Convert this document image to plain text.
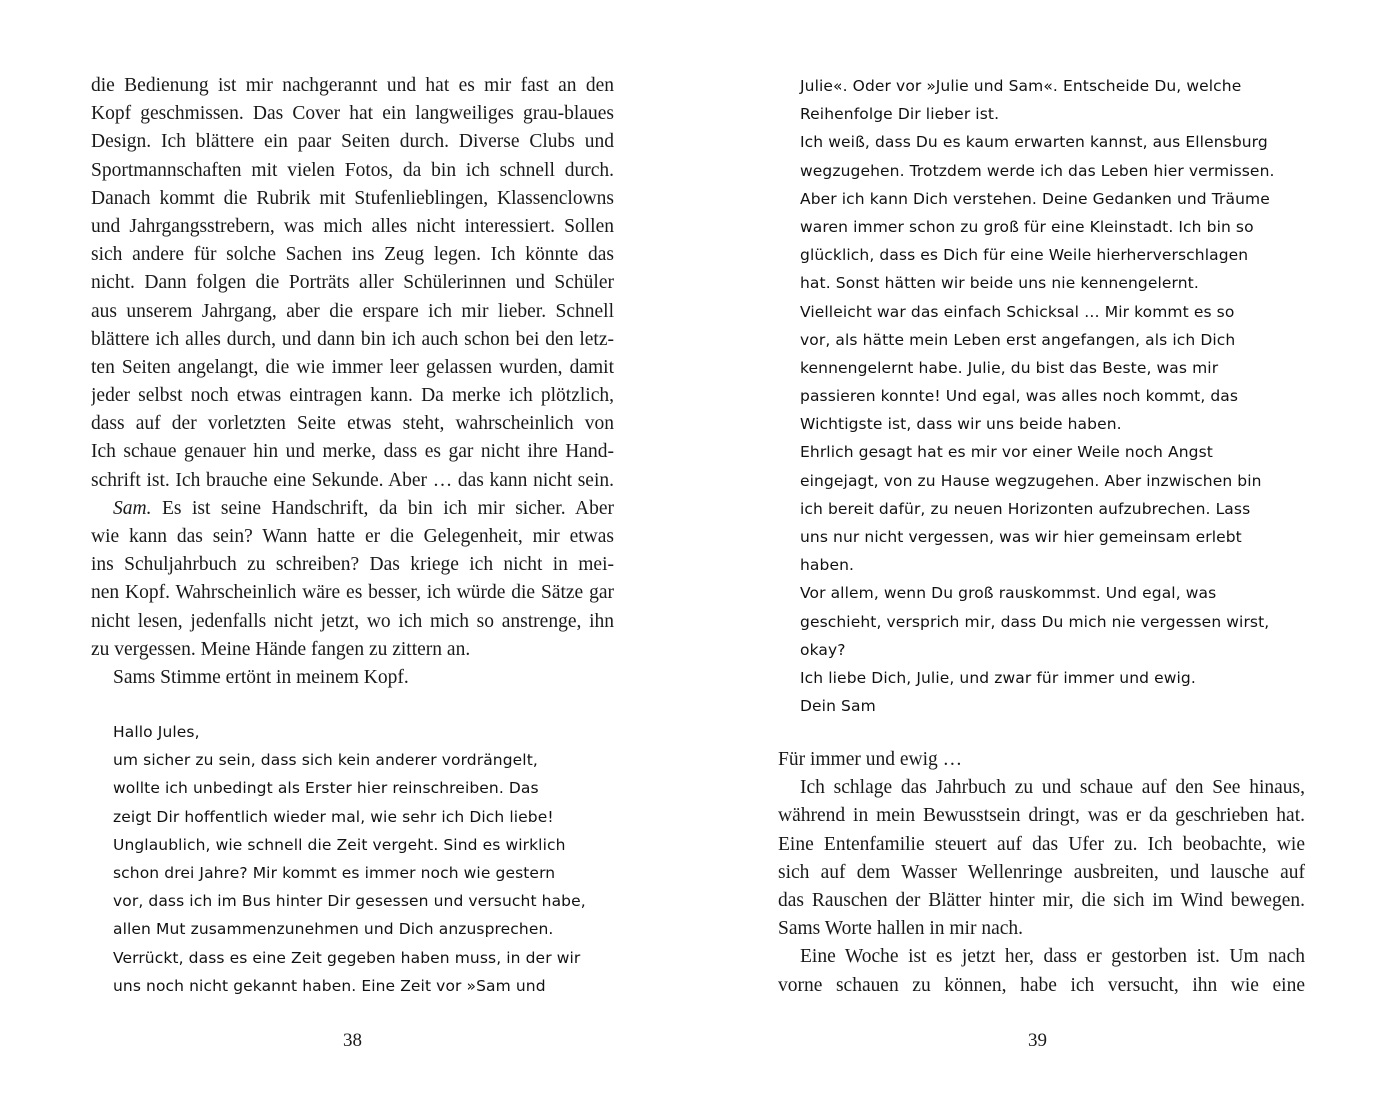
die Bedienung ist mir nachgerannt und hat es mir fast an den
Kopf geschmissen. Das Cover hat ein langweiliges grau-blaues
Design. Ich blättere ein paar Seiten durch. Diverse Clubs und
Sportmannschaften mit vielen Fotos, da bin ich schnell durch.
Danach kommt die Rubrik mit Stufenlieblingen, Klassenclowns
und Jahrgangsstrebern, was mich alles nicht interessiert. Sollen
sich andere für solche Sachen ins Zeug legen. Ich könnte das
nicht. Dann folgen die Porträts aller Schülerinnen und Schüler
aus unserem Jahrgang, aber die erspare ich mir lieber. Schnell
blättere ich alles durch, und dann bin ich auch schon bei den letz-
ten Seiten angelangt, die wie immer leer gelassen wurden, damit
jeder selbst noch etwas eintragen kann. Da merke ich plötzlich,
dass auf der vorletzten Seite etwas steht, wahrscheinlich von
Ich schaue genauer hin und merke, dass es gar nicht ihre Hand-
schrift ist. Ich brauche eine Sekunde. Aber … das kann nicht sein.
Sam. Es ist seine Handschrift, da bin ich mir sicher. Aber
wie kann das sein? Wann hatte er die Gelegenheit, mir etwas
ins Schuljahrbuch zu schreiben? Das kriege ich nicht in mei-
nen Kopf. Wahrscheinlich wäre es besser, ich würde die Sätze gar
nicht lesen, jedenfalls nicht jetzt, wo ich mich so anstrenge, ihn
zu vergessen. Meine Hände fangen zu zittern an.
Sams Stimme ertönt in meinem Kopf.
Hallo Jules,
um sicher zu sein, dass sich kein anderer vordrängelt,
wollte ich unbedingt als Erster hier reinschreiben. Das
zeigt Dir hoffentlich wieder mal, wie sehr ich Dich liebe!
Unglaublich, wie schnell die Zeit vergeht. Sind es wirklich
schon drei Jahre? Mir kommt es immer noch wie gestern
vor, dass ich im Bus hinter Dir gesessen und versucht habe,
allen Mut zusammenzunehmen und Dich anzusprechen.
Verrückt, dass es eine Zeit gegeben haben muss, in der wir
uns noch nicht gekannt haben. Eine Zeit vor »Sam und
38
Julie«. Oder vor »Julie und Sam«. Entscheide Du, welche
Reihenfolge Dir lieber ist.
Ich weiß, dass Du es kaum erwarten kannst, aus Ellensburg
wegzugehen. Trotzdem werde ich das Leben hier vermissen.
Aber ich kann Dich verstehen. Deine Gedanken und Träume
waren immer schon zu groß für eine Kleinstadt. Ich bin so
glücklich, dass es Dich für eine Weile hierherverschlagen
hat. Sonst hätten wir beide uns nie kennengelernt.
Vielleicht war das einfach Schicksal … Mir kommt es so
vor, als hätte mein Leben erst angefangen, als ich Dich
kennengelernt habe. Julie, du bist das Beste, was mir
passieren konnte! Und egal, was alles noch kommt, das
Wichtigste ist, dass wir uns beide haben.
Ehrlich gesagt hat es mir vor einer Weile noch Angst
eingejagt, von zu Hause wegzugehen. Aber inzwischen bin
ich bereit dafür, zu neuen Horizonten aufzubrechen. Lass
uns nur nicht vergessen, was wir hier gemeinsam erlebt
haben.
Vor allem, wenn Du groß rauskommst. Und egal, was
geschieht, versprich mir, dass Du mich nie vergessen wirst,
okay?
Ich liebe Dich, Julie, und zwar für immer und ewig.
Dein Sam
Für immer und ewig …
Ich schlage das Jahrbuch zu und schaue auf den See hinaus,
während in mein Bewusstsein dringt, was er da geschrieben hat.
Eine Entenfamilie steuert auf das Ufer zu. Ich beobachte, wie
sich auf dem Wasser Wellenringe ausbreiten, und lausche auf
das Rauschen der Blätter hinter mir, die sich im Wind bewegen.
Sams Worte hallen in mir nach.
Eine Woche ist es jetzt her, dass er gestorben ist. Um nach
vorne schauen zu können, habe ich versucht, ihn wie eine
39
